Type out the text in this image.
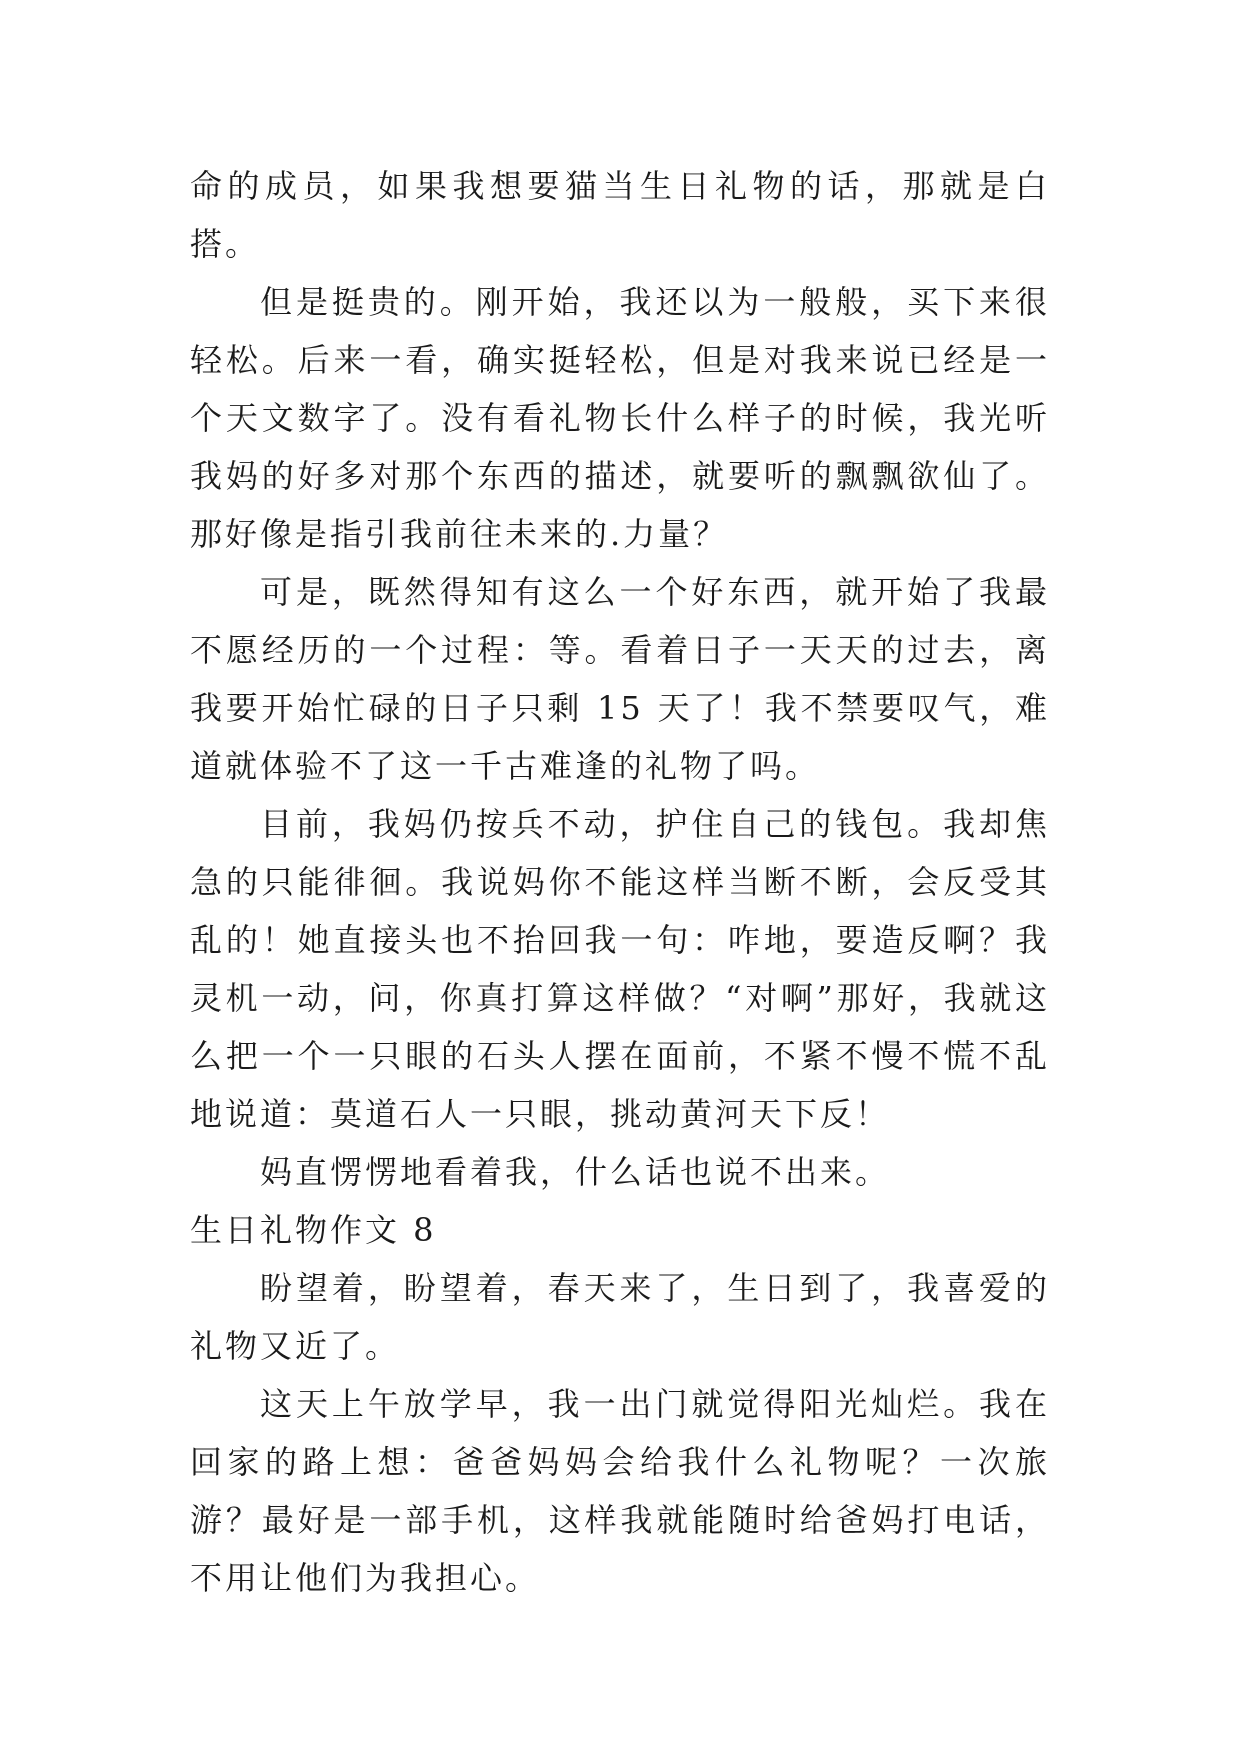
命的成员，如果我想要猫当生日礼物的话，那就是白搭。

但是挺贵的。刚开始，我还以为一般般，买下来很轻松。后来一看，确实挺轻松，但是对我来说已经是一个天文数字了。没有看礼物长什么样子的时候，我光听我妈的好多对那个东西的描述，就要听的飘飘欲仙了。那好像是指引我前往未来的.力量？

可是，既然得知有这么一个好东西，就开始了我最不愿经历的一个过程：等。看着日子一天天的过去，离我要开始忙碌的日子只剩 15 天了！我不禁要叹气，难道就体验不了这一千古难逢的礼物了吗。

目前，我妈仍按兵不动，护住自己的钱包。我却焦急的只能徘徊。我说妈你不能这样当断不断，会反受其乱的！她直接头也不抬回我一句：咋地，要造反啊？我灵机一动，问，你真打算这样做？“对啊”那好，我就这么把一个一只眼的石头人摆在面前，不紧不慢不慌不乱地说道：莫道石人一只眼，挑动黄河天下反！

妈直愣愣地看着我，什么话也说不出来。

生日礼物作文 8

盼望着，盼望着，春天来了，生日到了，我喜爱的礼物又近了。

这天上午放学早，我一出门就觉得阳光灿烂。我在回家的路上想：爸爸妈妈会给我什么礼物呢？一次旅游？最好是一部手机，这样我就能随时给爸妈打电话，不用让他们为我担心。
